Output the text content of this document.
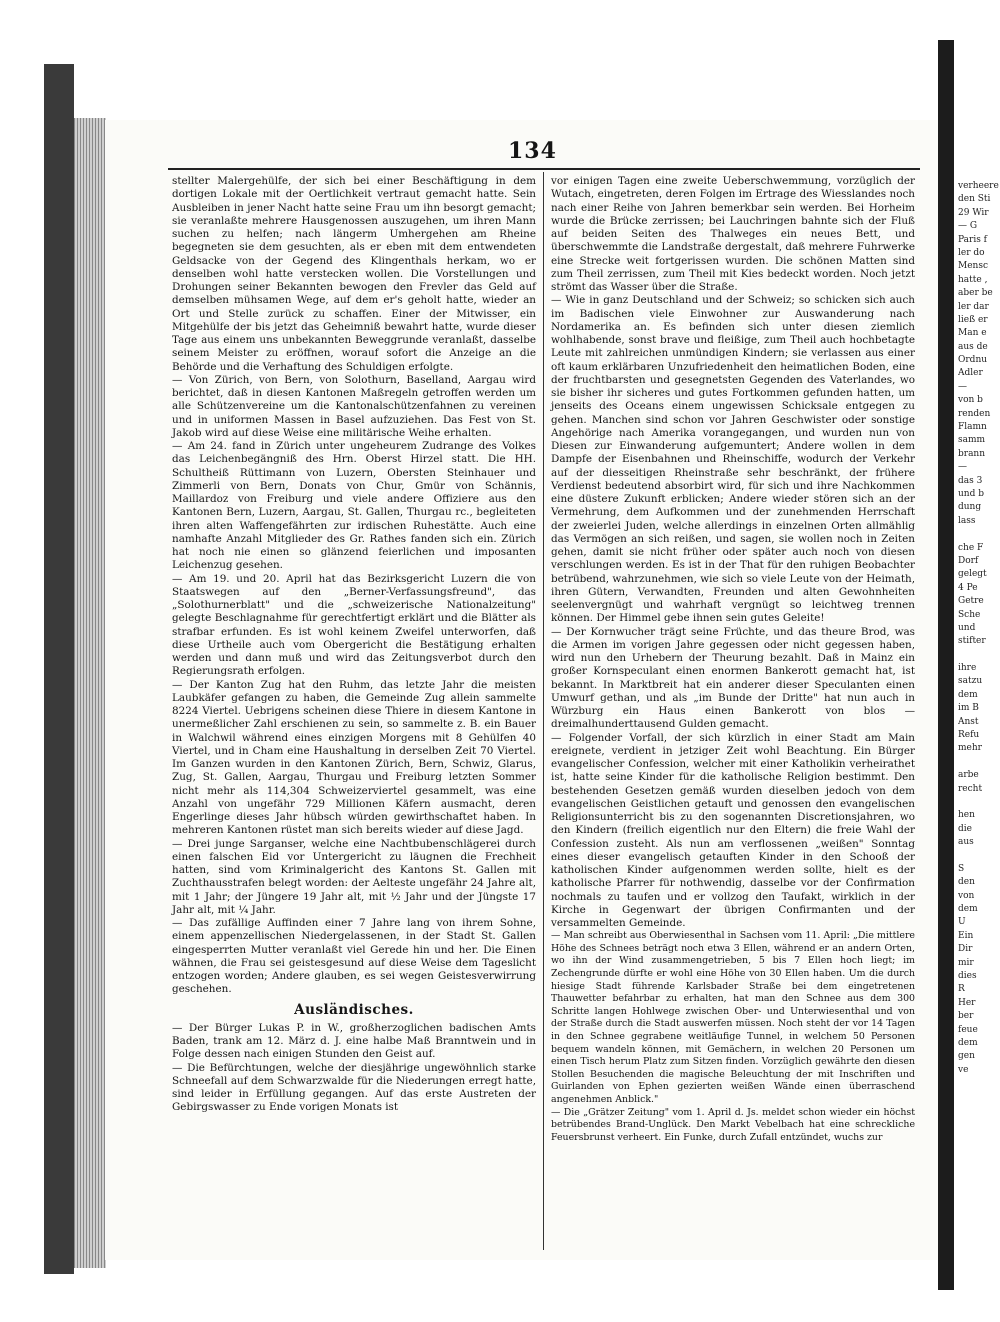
134

stellter Malergehülfe, der sich bei einer Beschäftigung in dem dortigen Lokale mit der Oertlichkeit vertraut gemacht hatte. Sein Ausbleiben in jener Nacht hatte seine Frau um ihn besorgt gemacht; sie veranlaßte mehrere Hausgenossen auszugehen, um ihren Mann suchen zu helfen; nach längerm Umhergehen am Rheine begegneten sie dem gesuchten, als er eben mit dem entwendeten Geldsacke von der Gegend des Klingenthals herkam, wo er denselben wohl hatte verstecken wollen. Die Vorstellungen und Drohungen seiner Bekannten bewogen den Frevler das Geld auf demselben mühsamen Wege, auf dem er's geholt hatte, wieder an Ort und Stelle zurück zu schaffen. Einer der Mitwisser, ein Mitgehülfe der bis jetzt das Geheimniß bewahrt hatte, wurde dieser Tage aus einem uns unbekannten Beweggrunde veranlaßt, dasselbe seinem Meister zu eröffnen, worauf sofort die Anzeige an die Behörde und die Verhaftung des Schuldigen erfolgte.

— Von Zürich, von Bern, von Solothurn, Baselland, Aargau wird berichtet, daß in diesen Kantonen Maßregeln getroffen werden um alle Schützenvereine um die Kantonalschützenfahnen zu vereinen und in uniformen Massen in Basel aufzuziehen. Das Fest von St. Jakob wird auf diese Weise eine militärische Weihe erhalten.

— Am 24. fand in Zürich unter ungeheurem Zudrange des Volkes das Leichenbegängniß des Hrn. Oberst Hirzel statt. Die HH. Schultheiß Rüttimann von Luzern, Obersten Steinhauer und Zimmerli von Bern, Donats von Chur, Gmür von Schännis, Maillardoz von Freiburg und viele andere Offiziere aus den Kantonen Bern, Luzern, Aargau, St. Gallen, Thurgau rc., begleiteten ihren alten Waffengefährten zur irdischen Ruhestätte. Auch eine namhafte Anzahl Mitglieder des Gr. Rathes fanden sich ein. Zürich hat noch nie einen so glänzend feierlichen und imposanten Leichenzug gesehen.

— Am 19. und 20. April hat das Bezirksgericht Luzern die von Staatswegen auf den „Berner-Verfassungsfreund", das „Solothurnerblatt" und die „schweizerische Nationalzeitung" gelegte Beschlagnahme für gerechtfertigt erklärt und die Blätter als strafbar erfunden. Es ist wohl keinem Zweifel unterworfen, daß diese Urtheile auch vom Obergericht die Bestätigung erhalten werden und dann muß und wird das Zeitungsverbot durch den Regierungsrath erfolgen.

— Der Kanton Zug hat den Ruhm, das letzte Jahr die meisten Laubkäfer gefangen zu haben, die Gemeinde Zug allein sammelte 8224 Viertel. Uebrigens scheinen diese Thiere in diesem Kantone in unermeßlicher Zahl erschienen zu sein, so sammelte z. B. ein Bauer in Walchwil während eines einzigen Morgens mit 8 Gehülfen 40 Viertel, und in Cham eine Haushaltung in derselben Zeit 70 Viertel. Im Ganzen wurden in den Kantonen Zürich, Bern, Schwiz, Glarus, Zug, St. Gallen, Aargau, Thurgau und Freiburg letzten Sommer nicht mehr als 114,304 Schweizerviertel gesammelt, was eine Anzahl von ungefähr 729 Millionen Käfern ausmacht, deren Engerlinge dieses Jahr hübsch würden gewirthschaftet haben. In mehreren Kantonen rüstet man sich bereits wieder auf diese Jagd.

— Drei junge Sarganser, welche eine Nachtbubenschlägerei durch einen falschen Eid vor Untergericht zu läugnen die Frechheit hatten, sind vom Kriminalgericht des Kantons St. Gallen mit Zuchthausstrafen belegt worden: der Aelteste ungefähr 24 Jahre alt, mit 1 Jahr; der Jüngere 19 Jahr alt, mit ½ Jahr und der Jüngste 17 Jahr alt, mit ¼ Jahr.

— Das zufällige Auffinden einer 7 Jahre lang von ihrem Sohne, einem appenzellischen Niedergelassenen, in der Stadt St. Gallen eingesperrten Mutter veranlaßt viel Gerede hin und her. Die Einen wähnen, die Frau sei geistesgesund auf diese Weise dem Tageslicht entzogen worden; Andere glauben, es sei wegen Geistesverwirrung geschehen.

Ausländisches.

— Der Bürger Lukas P. in W., großherzoglichen badischen Amts Baden, trank am 12. März d. J. eine halbe Maß Branntwein und in Folge dessen nach einigen Stunden den Geist auf.

— Die Befürchtungen, welche der diesjährige ungewöhnlich starke Schneefall auf dem Schwarzwalde für die Niederungen erregt hatte, sind leider in Erfüllung gegangen. Auf das erste Austreten der Gebirgswasser zu Ende vorigen Monats ist

vor einigen Tagen eine zweite Ueberschwemmung, vorzüglich der Wutach, eingetreten, deren Folgen im Ertrage des Wiesslandes noch nach einer Reihe von Jahren bemerkbar sein werden. Bei Horheim wurde die Brücke zerrissen; bei Lauchringen bahnte sich der Fluß auf beiden Seiten des Thalweges ein neues Bett, und überschwemmte die Landstraße dergestalt, daß mehrere Fuhrwerke eine Strecke weit fortgerissen wurden. Die schönen Matten sind zum Theil zerrissen, zum Theil mit Kies bedeckt worden. Noch jetzt strömt das Wasser über die Straße.

— Wie in ganz Deutschland und der Schweiz; so schicken sich auch im Badischen viele Einwohner zur Auswanderung nach Nordamerika an. Es befinden sich unter diesen ziemlich wohlhabende, sonst brave und fleißige, zum Theil auch hochbetagte Leute mit zahlreichen unmündigen Kindern; sie verlassen aus einer oft kaum erklärbaren Unzufriedenheit den heimatlichen Boden, eine der fruchtbarsten und gesegnetsten Gegenden des Vaterlandes, wo sie bisher ihr sicheres und gutes Fortkommen gefunden hatten, um jenseits des Oceans einem ungewissen Schicksale entgegen zu gehen. Manchen sind schon vor Jahren Geschwister oder sonstige Angehörige nach Amerika vorangegangen, und wurden nun von Diesen zur Einwanderung aufgemuntert; Andere wollen in dem Dampfe der Eisenbahnen und Rheinschiffe, wodurch der Verkehr auf der diesseitigen Rheinstraße sehr beschränkt, der frühere Verdienst bedeutend absorbirt wird, für sich und ihre Nachkommen eine düstere Zukunft erblicken; Andere wieder stören sich an der Vermehrung, dem Aufkommen und der zunehmenden Herrschaft der zweierlei Juden, welche allerdings in einzelnen Orten allmählig das Vermögen an sich reißen, und sagen, sie wollen noch in Zeiten gehen, damit sie nicht früher oder später auch noch von diesen verschlungen werden. Es ist in der That für den ruhigen Beobachter betrübend, wahrzunehmen, wie sich so viele Leute von der Heimath, ihren Gütern, Verwandten, Freunden und alten Gewohnheiten seelenvergnügt und wahrhaft vergnügt so leichtweg trennen können. Der Himmel gebe ihnen sein gutes Geleite!

— Der Kornwucher trägt seine Früchte, und das theure Brod, was die Armen im vorigen Jahre gegessen oder nicht gegessen haben, wird nun den Urhebern der Theurung bezahlt. Daß in Mainz ein großer Kornspeculant einen enormen Bankerott gemacht hat, ist bekannt. In Marktbreit hat ein anderer dieser Speculanten einen Umwurf gethan, und als „im Bunde der Dritte" hat nun auch in Würzburg ein Haus einen Bankerott von blos — dreimalhunderttausend Gulden gemacht.

— Folgender Vorfall, der sich kürzlich in einer Stadt am Main ereignete, verdient in jetziger Zeit wohl Beachtung. Ein Bürger evangelischer Confession, welcher mit einer Katholikin verheirathet ist, hatte seine Kinder für die katholische Religion bestimmt. Den bestehenden Gesetzen gemäß wurden dieselben jedoch von dem evangelischen Geistlichen getauft und genossen den evangelischen Religionsunterricht bis zu den sogenannten Discretionsjahren, wo den Kindern (freilich eigentlich nur den Eltern) die freie Wahl der Confession zusteht. Als nun am verflossenen „weißen" Sonntag eines dieser evangelisch getauften Kinder in den Schooß der katholischen Kinder aufgenommen werden sollte, hielt es der katholische Pfarrer für nothwendig, dasselbe vor der Confirmation nochmals zu taufen und er vollzog den Taufakt, wirklich in der Kirche in Gegenwart der übrigen Confirmanten und der versammelten Gemeinde.

— Man schreibt aus Oberwiesenthal in Sachsen vom 11. April: „Die mittlere Höhe des Schnees beträgt noch etwa 3 Ellen, während er an andern Orten, wo ihn der Wind zusammengetrieben, 5 bis 7 Ellen hoch liegt; im Zechengrunde dürfte er wohl eine Höhe von 30 Ellen haben. Um die durch hiesige Stadt führende Karlsbader Straße bei dem eingetretenen Thauwetter befahrbar zu erhalten, hat man den Schnee aus dem 300 Schritte langen Hohlwege zwischen Ober- und Unterwiesenthal und von der Straße durch die Stadt auswerfen müssen. Noch steht der vor 14 Tagen in den Schnee gegrabene weitläufige Tunnel, in welchem 50 Personen bequem wandeln können, mit Gemächern, in welchen 20 Personen um einen Tisch herum Platz zum Sitzen finden. Vorzüglich gewährte den diesen Stollen Besuchenden die magische Beleuchtung der mit Inschriften und Guirlanden von Ephen gezierten weißen Wände einen überraschend angenehmen Anblick."

— Die „Grätzer Zeitung" vom 1. April d. Js. meldet schon wieder ein höchst betrübendes Brand-Unglück. Den Markt Vebelbach hat eine schreckliche Feuersbrunst verheert. Ein Funke, durch Zufall entzündet, wuchs zur

verheere
den Sti
29 Wir
— G
Paris f
ler do
Mensc
hatte ,
aber be
ler dar
ließ er
Man e
aus de
Ordnu
Adler
—
von b
renden
Flamn
samm
brann
—
das 3
und b
dung
lass
che F
Dorf
gelegt
4 Pe
Getre
Sche
und
stifter
ihre
satzu
dem
im B
Anst
Refu
mehr
arbe
recht
hen
die
aus
S
den
von
dem
U
Ein
Dir
mir
dies
R
Her
ber
feue
dem
gen
ve
